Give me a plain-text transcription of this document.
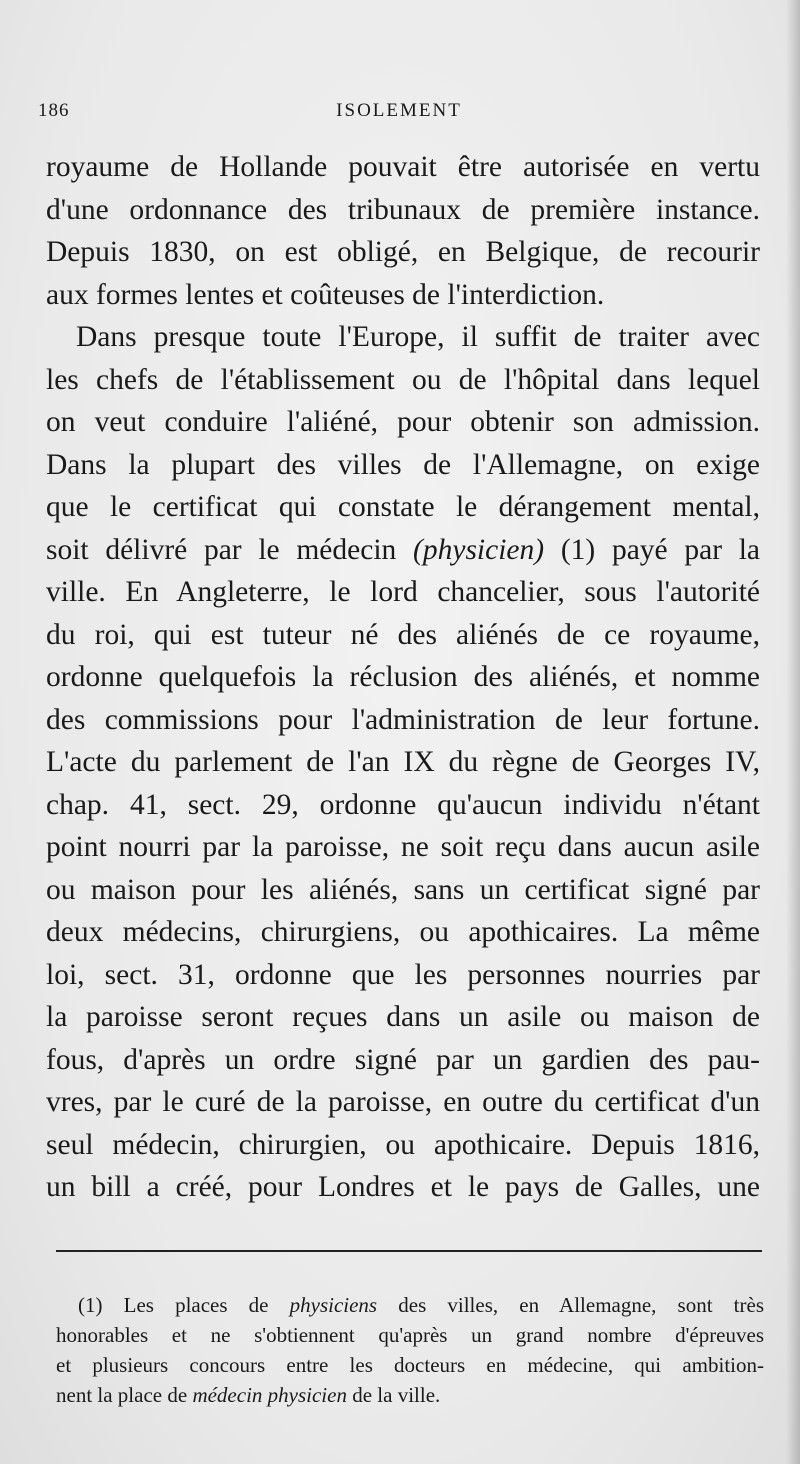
186	ISOLEMENT
royaume de Hollande pouvait être autorisée en vertu
d'une ordonnance des tribunaux de première instance.
Depuis 1830, on est obligé, en Belgique, de recourir
aux formes lentes et coûteuses de l'interdiction.
Dans presque toute l'Europe, il suffit de traiter avec
les chefs de l'établissement ou de l'hôpital dans lequel
on veut conduire l'aliéné, pour obtenir son admission.
Dans la plupart des villes de l'Allemagne, on exige
que le certificat qui constate le dérangement mental,
soit délivré par le médecin (physicien) (1) payé par la
ville. En Angleterre, le lord chancelier, sous l'autorité
du roi, qui est tuteur né des aliénés de ce royaume,
ordonne quelquefois la réclusion des aliénés, et nomme
des commissions pour l'administration de leur fortune.
L'acte du parlement de l'an IX du règne de Georges IV,
chap. 41, sect. 29, ordonne qu'aucun individu n'étant
point nourri par la paroisse, ne soit reçu dans aucun asile
ou maison pour les aliénés, sans un certificat signé par
deux médecins, chirurgiens, ou apothicaires. La même
loi, sect. 31, ordonne que les personnes nourries par
la paroisse seront reçues dans un asile ou maison de
fous, d'après un ordre signé par un gardien des pau-
vres, par le curé de la paroisse, en outre du certificat d'un
seul médecin, chirurgien, ou apothicaire. Depuis 1816,
un bill a créé, pour Londres et le pays de Galles, une
(1) Les places de physiciens des villes, en Allemagne, sont très
honorables et ne s'obtiennent qu'après un grand nombre d'épreuves
et plusieurs concours entre les docteurs en médecine, qui ambition-
nent la place de médecin physicien de la ville.
